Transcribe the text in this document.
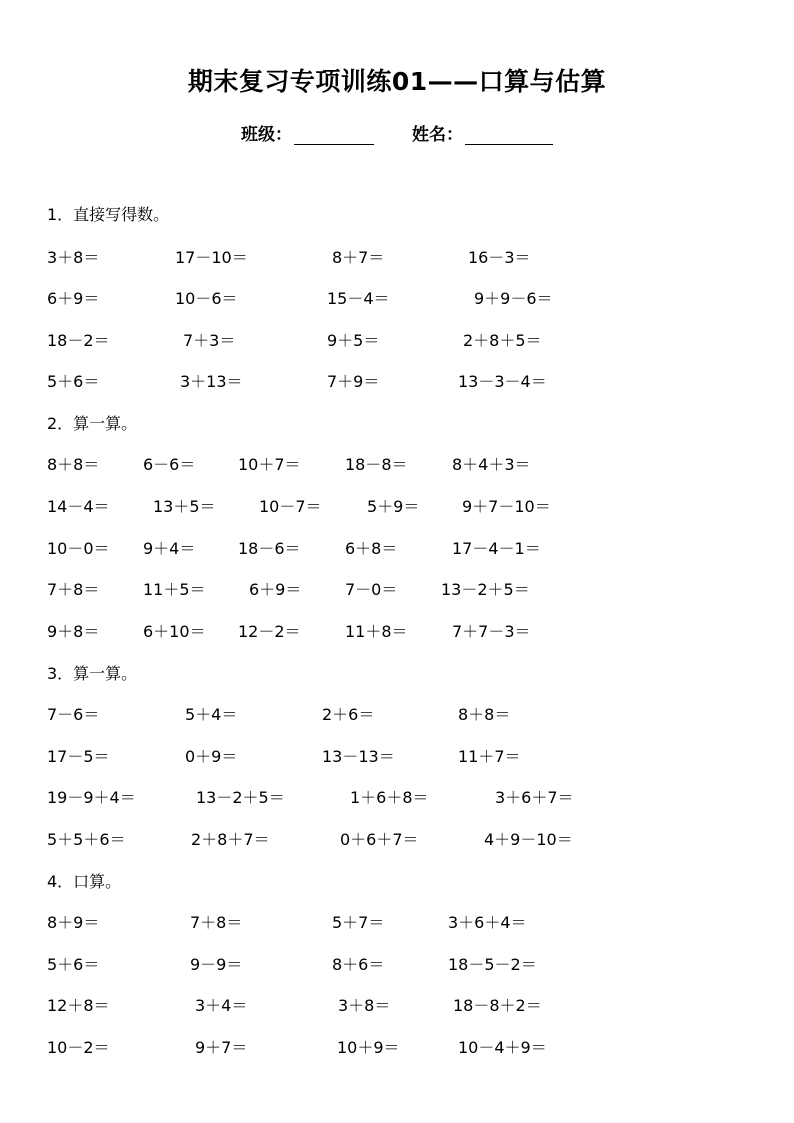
期末复习专项训练01——口算与估算
班级：	姓名：
1．直接写得数。
3＋8＝	17－10＝	8＋7＝	16－3＝
6＋9＝	10－6＝	15－4＝	9＋9－6＝
18－2＝	7＋3＝	9＋5＝	2＋8＋5＝
5＋6＝	3＋13＝	7＋9＝	13－3－4＝
2．算一算。
8＋8＝	6－6＝	10＋7＝	18－8＝	8＋4＋3＝
14－4＝	13＋5＝	10－7＝	5＋9＝	9＋7－10＝
10－0＝ 9＋4＝	18－6＝	6＋8＝	17－4－1＝
7＋8＝	11＋5＝	6＋9＝	7－0＝	13－2＋5＝
9＋8＝	6＋10＝ 12－2＝	11＋8＝	7＋7－3＝
3．算一算。
7－6＝	5＋4＝	2＋6＝	8＋8＝
17－5＝	0＋9＝	13－13＝	11＋7＝
19－9＋4＝	13－2＋5＝	1＋6＋8＝	3＋6＋7＝
5＋5＋6＝	2＋8＋7＝	0＋6＋7＝	4＋9－10＝
4．口算。
8＋9＝	7＋8＝	5＋7＝	3＋6＋4＝
5＋6＝	9－9＝	8＋6＝	18－5－2＝
12＋8＝	3＋4＝	3＋8＝	18－8＋2＝
10－2＝	9＋7＝	10＋9＝	10－4＋9＝
